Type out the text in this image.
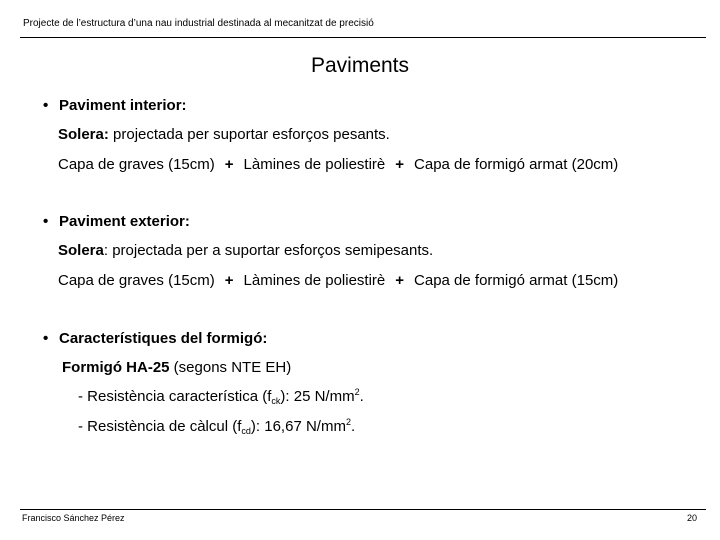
Projecte de l’estructura d’una nau industrial destinada al mecanitzat de precisió
Paviments
• Paviment interior:
Solera: projectada per suportar esforços pesants.
Capa de graves (15cm) + Làmines de poliestirè + Capa de formigó armat (20cm)
• Paviment exterior:
Solera: projectada per a suportar esforços semipesants.
Capa de graves (15cm) + Làmines de poliestirè + Capa de formigó armat (15cm)
• Característiques del formigó:
Formigó HA-25 (segons NTE EH)
- Resistència característica $(f_{ck})$: 25 $N/mm^2$.
- Resistència de càlcul $(f_{cd})$: 16,67 $N/mm^2$.
Francisco Sánchez Pérez	20
